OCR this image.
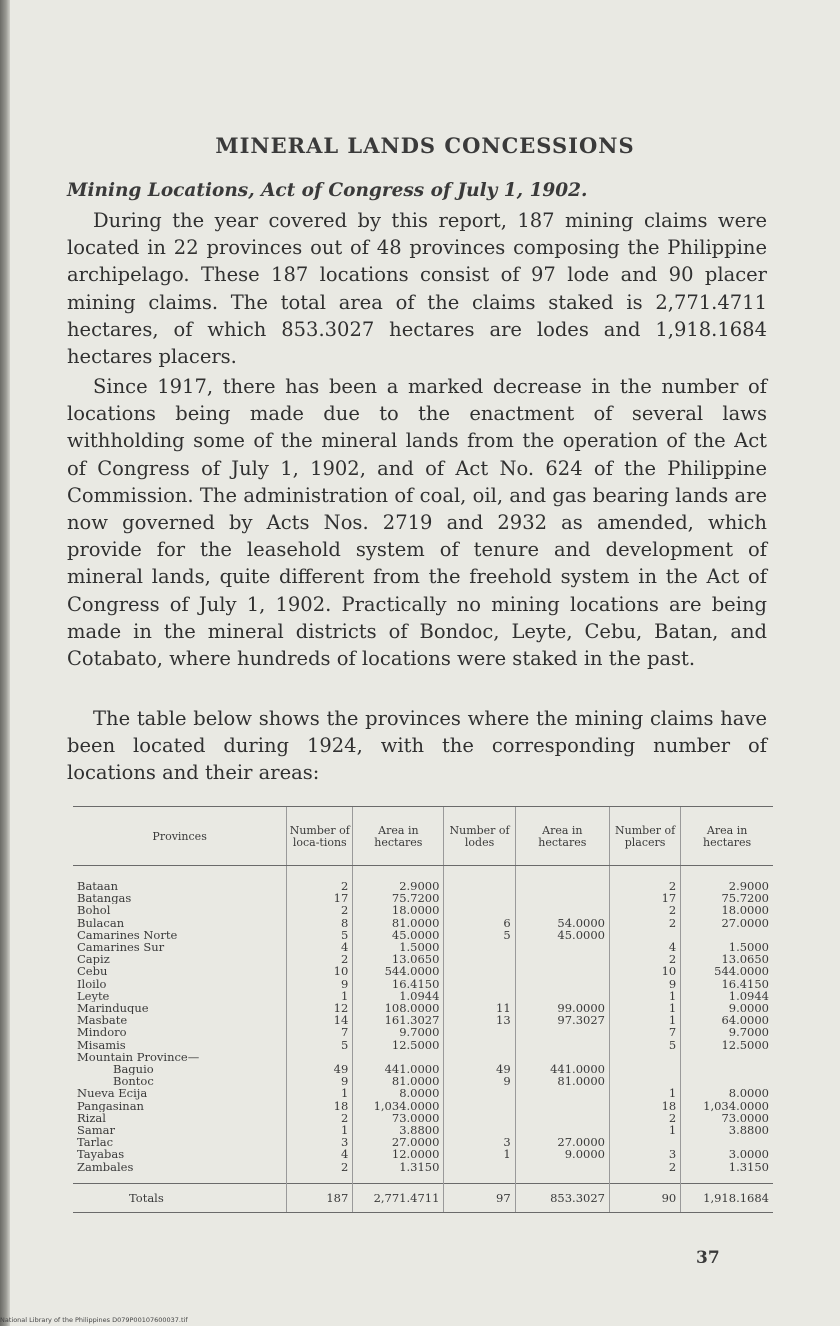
MINERAL LANDS CONCESSIONS
Mining Locations, Act of Congress of July 1, 1902.

During the year covered by this report, 187 mining claims were located in 22 provinces out of 48 provinces composing the Philippine archipelago. These 187 locations consist of 97 lode and 90 placer mining claims. The total area of the claims staked is 2,771.4711 hectares, of which 853.3027 hectares are lodes and 1,918.1684 hectares placers.

Since 1917, there has been a marked decrease in the number of locations being made due to the enactment of several laws withholding some of the mineral lands from the operation of the Act of Congress of July 1, 1902, and of Act No. 624 of the Philippine Commission. The administration of coal, oil, and gas bearing lands are now governed by Acts Nos. 2719 and 2932 as amended, which provide for the leasehold system of tenure and development of mineral lands, quite different from the freehold system in the Act of Congress of July 1, 1902. Practically no mining locations are being made in the mineral districts of Bondoc, Leyte, Cebu, Batan, and Cotabato, where hundreds of locations were staked in the past.

The table below shows the provinces where the mining claims have been located during 1924, with the corresponding number of locations and their areas:

Provinces	Number of loca-tions	Area in hectares	Number of lodes	Area in hectares	Number of placers	Area in hectares
Bataan	2	2.9000			2	2.9000
Batangas	17	75.7200			17	75.7200
Bohol	2	18.0000			2	18.0000
Bulacan	8	81.0000	6	54.0000	2	27.0000
Camarines Norte	5	45.0000	5	45.0000		
Camarines Sur	4	1.5000			4	1.5000
Capiz	2	13.0650			2	13.0650
Cebu	10	544.0000			10	544.0000
Iloilo	9	16.4150			9	16.4150
Leyte	1	1.0944			1	1.0944
Marinduque	12	108.0000	11	99.0000	1	9.0000
Masbate	14	161.3027	13	97.3027	1	64.0000
Mindoro	7	9.7000			7	9.7000
Misamis	5	12.5000			5	12.5000
Mountain Province—						
Baguio	49	441.0000	49	441.0000		
Bontoc	9	81.0000	9	81.0000		
Nueva Ecija	1	8.0000			1	8.0000
Pangasinan	18	1,034.0000			18	1,034.0000
Rizal	2	73.0000			2	73.0000
Samar	1	3.8800			1	3.8800
Tarlac	3	27.0000	3	27.0000		
Tayabas	4	12.0000	1	9.0000	3	3.0000
Zambales	2	1.3150			2	1.3150
Totals	187	2,771.4711	97	853.3027	90	1,918.1684
37
National Library of the Philippines D079P00107600037.tif
